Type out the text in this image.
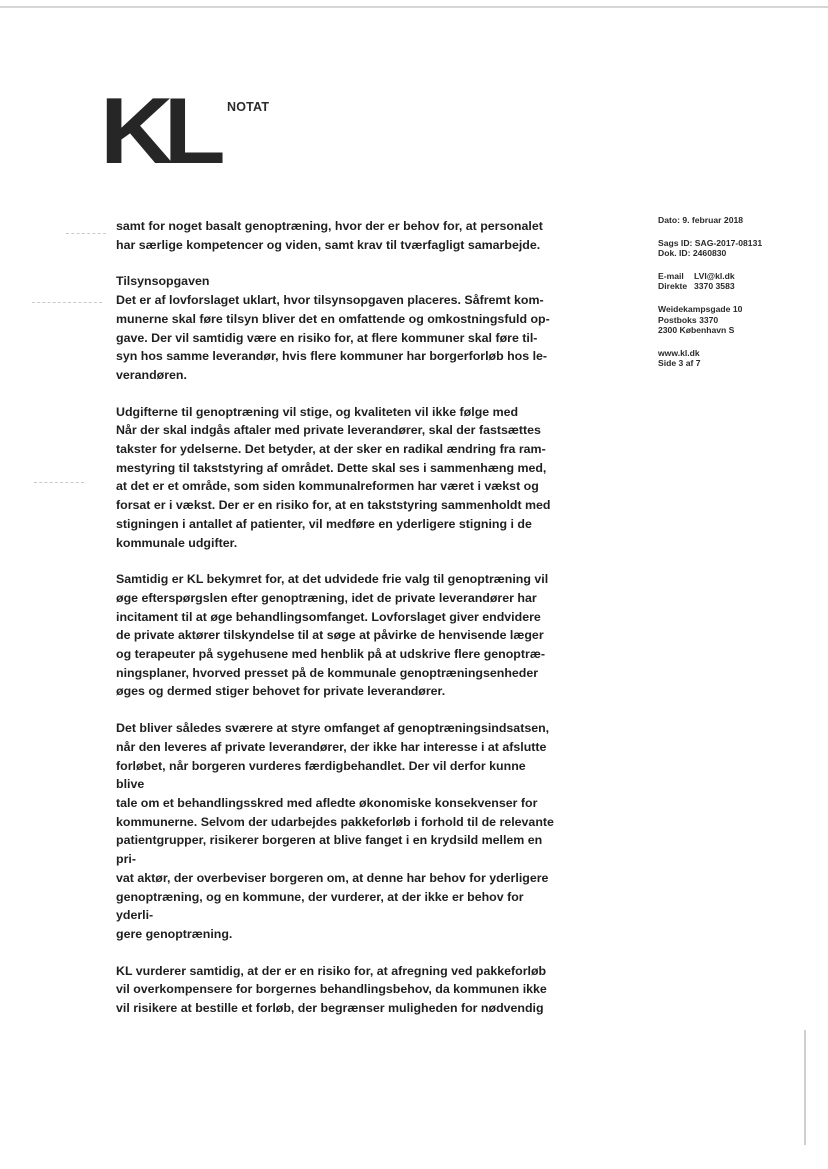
KL NOTAT

samt for noget basalt genoptræning, hvor der er behov for, at personalet
har særlige kompetencer og viden, samt krav til tværfagligt samarbejde.

Tilsynsopgaven

Det er af lovforslaget uklart, hvor tilsynsopgaven placeres. Såfremt kom-
munerne skal føre tilsyn bliver det en omfattende og omkostningsfuld op-
gave. Der vil samtidig være en risiko for, at flere kommuner skal føre til-
syn hos samme leverandør, hvis flere kommuner har borgerforløb hos le-
verandøren.

Udgifterne til genoptræning vil stige, og kvaliteten vil ikke følge med

Når der skal indgås aftaler med private leverandører, skal der fastsættes
takster for ydelserne. Det betyder, at der sker en radikal ændring fra ram-
mestyring til takststyring af området. Dette skal ses i sammenhæng med,
at det er et område, som siden kommunalreformen har været i vækst og
forsat er i vækst. Der er en risiko for, at en takststyring sammenholdt med
stigningen i antallet af patienter, vil medføre en yderligere stigning i de
kommunale udgifter.

Samtidig er KL bekymret for, at det udvidede frie valg til genoptræning vil
øge efterspørgslen efter genoptræning, idet de private leverandører har
incitament til at øge behandlingsomfanget. Lovforslaget giver endvidere
de private aktører tilskyndelse til at søge at påvirke de henvisende læger
og terapeuter på sygehusene med henblik på at udskrive flere genoptræ-
ningsplaner, hvorved presset på de kommunale genoptræningsenheder
øges og dermed stiger behovet for private leverandører.

Det bliver således sværere at styre omfanget af genoptræningsindsatsen,
når den leveres af private leverandører, der ikke har interesse i at afslutte
forløbet, når borgeren vurderes færdigbehandlet. Der vil derfor kunne blive
tale om et behandlingsskred med afledte økonomiske konsekvenser for
kommunerne. Selvom der udarbejdes pakkeforløb i forhold til de relevante
patientgrupper, risikerer borgeren at blive fanget i en krydsild mellem en pri-
vat aktør, der overbeviser borgeren om, at denne har behov for yderligere
genoptræning, og en kommune, der vurderer, at der ikke er behov for yderli-
gere genoptræning.

KL vurderer samtidig, at der er en risiko for, at afregning ved pakkeforløb
vil overkompensere for borgernes behandlingsbehov, da kommunen ikke
vil risikere at bestille et forløb, der begrænser muligheden for nødvendig

Dato: 9. februar 2018
Sags ID: SAG-2017-08131
Dok. ID: 2460830
E-mail LVI@kl.dk
Direkte 3370 3583
Weidekampsgade 10
Postboks 3370
2300 København S
www.kl.dk
Side 3 af 7
